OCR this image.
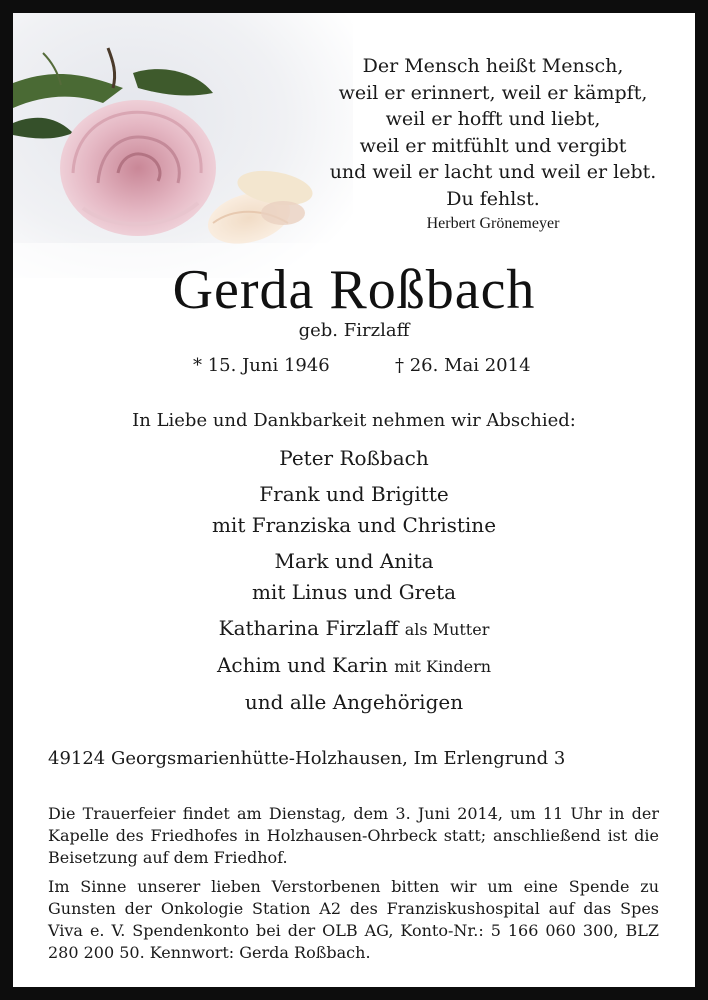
Der Mensch heißt Mensch,
weil er erinnert, weil er kämpft,
weil er hofft und liebt,
weil er mitfühlt und vergibt
und weil er lacht und weil er lebt.
Du fehlst.
Herbert Grönemeyer
Gerda Roßbach
geb. Firzlaff
* 15. Juni 1946	† 26. Mai 2014
In Liebe und Dankbarkeit nehmen wir Abschied:
Peter Roßbach
Frank und Brigitte
mit Franziska und Christine
Mark und Anita
mit Linus und Greta
Katharina Firzlaff als Mutter
Achim und Karin mit Kindern
und alle Angehörigen
49124 Georgsmarienhütte-Holzhausen, Im Erlengrund 3
Die Trauerfeier findet am Dienstag, dem 3. Juni 2014, um 11 Uhr in der Kapelle des Friedhofes in Holzhausen-Ohrbeck statt; anschließend ist die Beisetzung auf dem Friedhof.
Im Sinne unserer lieben Verstorbenen bitten wir um eine Spende zu Gunsten der Onkologie Station A2 des Franziskushospital auf das Spes Viva e. V. Spendenkonto bei der OLB AG, Konto-Nr.: 5 166 060 300, BLZ 280 200 50. Kennwort: Gerda Roßbach.
